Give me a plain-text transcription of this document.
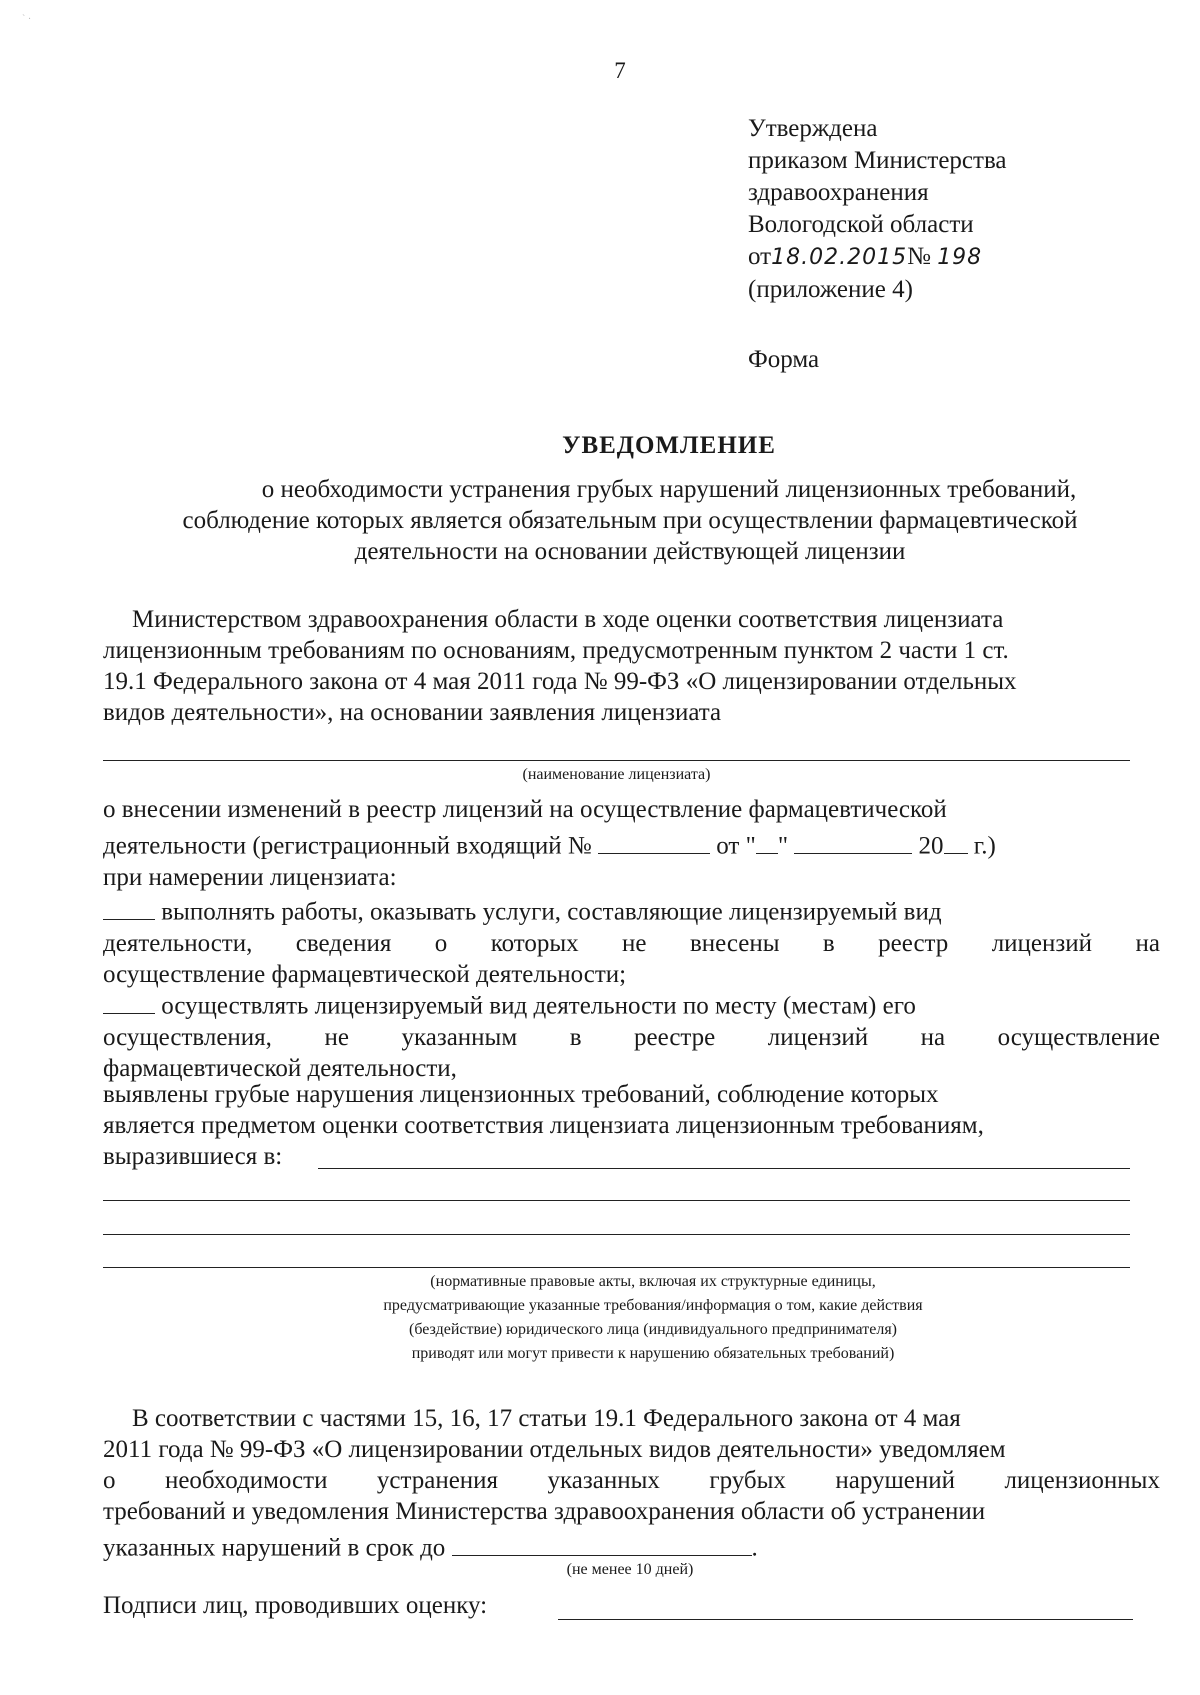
` ·
7
Утверждена
приказом Министерства
здравоохранения
Вологодской области
от18.02.2015№ 198
(приложение 4)
Форма
УВЕДОМЛЕНИЕ
о необходимости устранения грубых нарушений лицензионных требований,
соблюдение которых является обязательным при осуществлении фармацевтической
деятельности на основании действующей лицензии
Министерством здравоохранения области в ходе оценки соответствия лицензиата
лицензионным требованиям по основаниям, предусмотренным пунктом 2 части 1 ст.
19.1 Федерального закона от 4 мая 2011 года № 99-ФЗ «О лицензировании отдельных
видов деятельности», на основании заявления лицензиата
(наименование лицензиата)
о внесении изменений в реестр лицензий на осуществление фармацевтической
деятельности (регистрационный входящий №	от " "	20 г.)
при намерении лицензиата:
выполнять работы, оказывать услуги, составляющие лицензируемый вид
деятельности, сведения о которых не внесены в реестр лицензий на
осуществление фармацевтической деятельности;
осуществлять лицензируемый вид деятельности по месту (местам) его
осуществления, не указанным в реестре лицензий на осуществление
фармацевтической деятельности,
выявлены грубые нарушения лицензионных требований, соблюдение которых
является предметом оценки соответствия лицензиата лицензионным требованиям,
выразившиеся в:
(нормативные правовые акты, включая их структурные единицы,
предусматривающие указанные требования/информация о том, какие действия
(бездействие) юридического лица (индивидуального предпринимателя)
приводят или могут привести к нарушению обязательных требований)
В соответствии с частями 15, 16, 17 статьи 19.1 Федерального закона от 4 мая
2011 года № 99-ФЗ «О лицензировании отдельных видов деятельности» уведомляем
о необходимости устранения указанных грубых нарушений лицензионных
требований и уведомления Министерства здравоохранения области об устранении
указанных нарушений в срок до	.
(не менее 10 дней)
Подписи лиц, проводивших оценку:
